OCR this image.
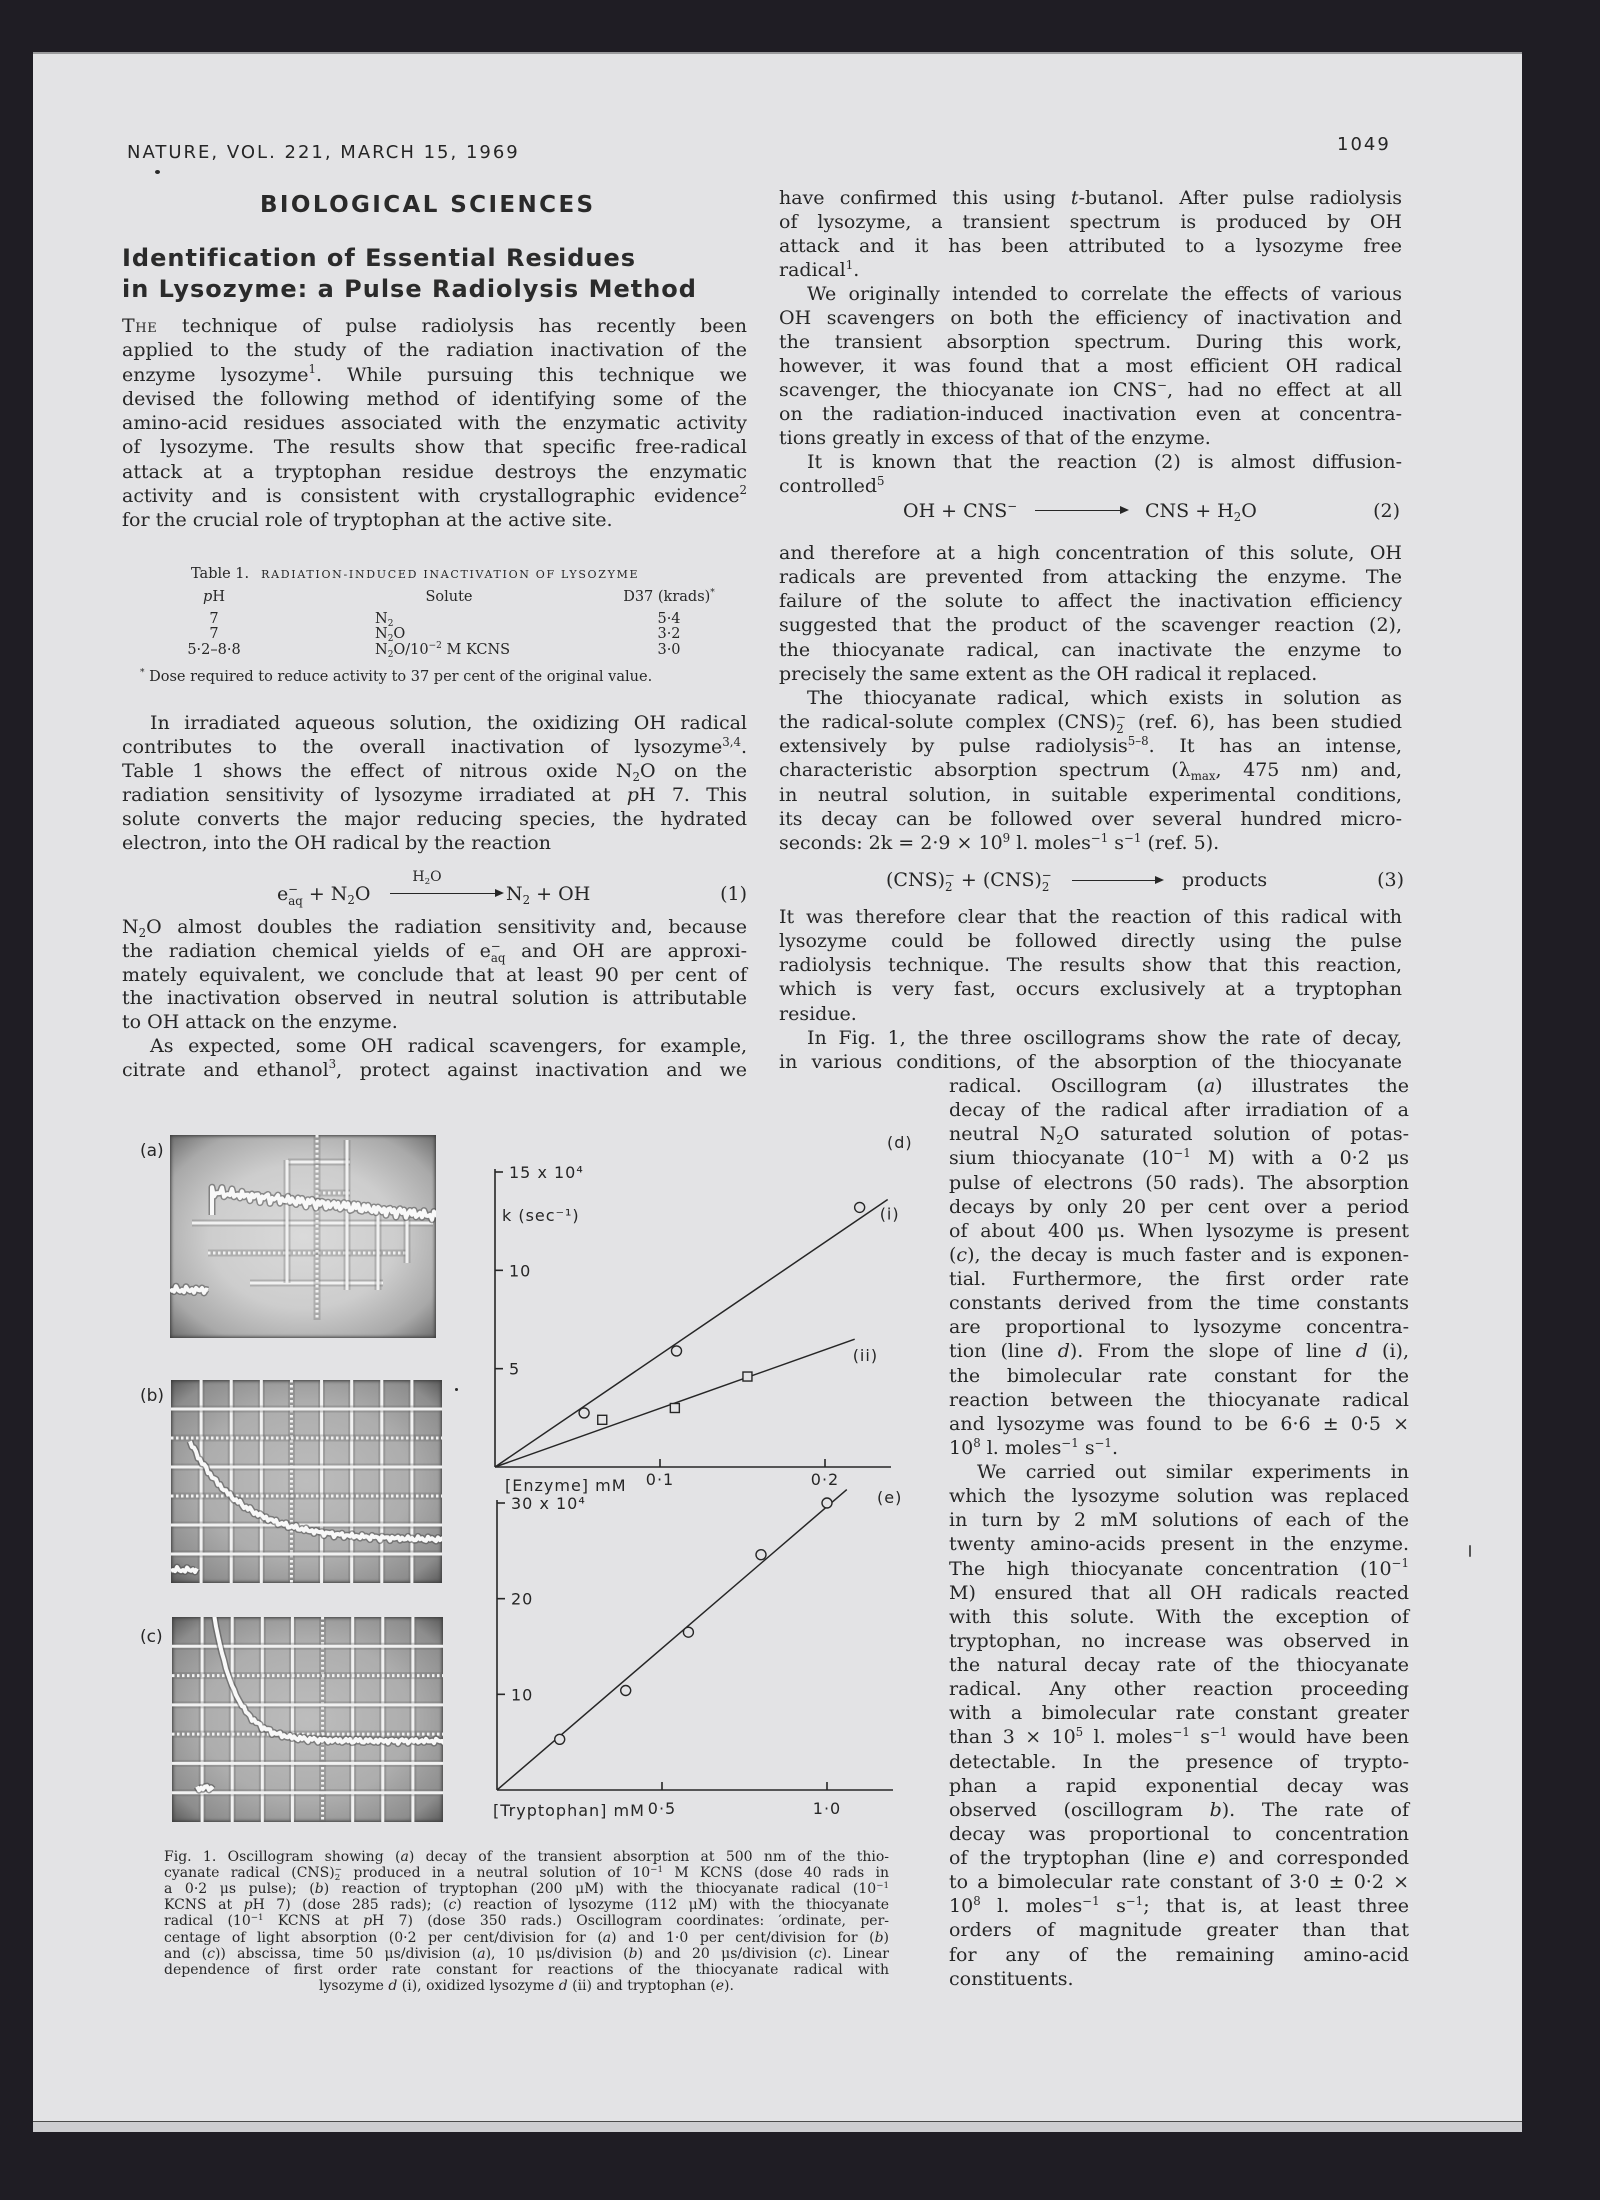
NATURE, VOL. 221, MARCH 15, 1969	1049
BIOLOGICAL SCIENCES
Identification of Essential Residues
in Lysozyme: a Pulse Radiolysis Method
The technique of pulse radiolysis has recently been
applied to the study of the radiation inactivation of the
enzyme lysozyme$^1$. While pursuing this technique we
devised the following method of identifying some of the
amino-acid residues associated with the enzymatic activity
of lysozyme. The results show that specific free-radical
attack at a tryptophan residue destroys the enzymatic
activity and is consistent with crystallographic evidence$^2$
for the crucial role of tryptophan at the active site.
Table 1. RADIATION-INDUCED INACTIVATION OF LYSOZYME
pH	Solute	D37 (krads)*
7	$N_2$	5·4
7	$N_2O$	3·2
5·2–8·8	$N_2O/10^{-2}$ M KCNS	3·0
* Dose required to reduce activity to 37 per cent of the original value.
In irradiated aqueous solution, the oxidizing OH radical
contributes to the overall inactivation of lysozyme$^{3,4}$.
Table 1 shows the effect of nitrous oxide $N_2O$ on the
radiation sensitivity of lysozyme irradiated at pH 7. This
solute converts the major reducing species, the hydrated
electron, into the OH radical by the reaction
e −
aq + $N_2O$
$H_2O$
$N_2$ + OH	(1)
$N_2O$ almost doubles the radiation sensitivity and, because
the radiation chemical yields of e −
aq and OH are approxi-
mately equivalent, we conclude that at least 90 per cent of
the inactivation observed in neutral solution is attributable
to OH attack on the enzyme.
As expected, some OH radical scavengers, for example,
citrate and ethanol$^3$, protect against inactivation and we
have confirmed this using t-butanol. After pulse radiolysis
of lysozyme, a transient spectrum is produced by OH
attack and it has been attributed to a lysozyme free
radical$^1$.
We originally intended to correlate the effects of various
OH scavengers on both the efficiency of inactivation and
the transient absorption spectrum. During this work,
however, it was found that a most efficient OH radical
scavenger, the thiocyanate ion CNS−, had no effect at all
on the radiation-induced inactivation even at concentra-
tions greatly in excess of that of the enzyme.
It is known that the reaction (2) is almost diffusion-
controlled$^5$
OH + CNS−	CNS + $H_2O$	(2)
and therefore at a high concentration of this solute, OH
radicals are prevented from attacking the enzyme. The
failure of the solute to affect the inactivation efficiency
suggested that the product of the scavenger reaction (2),
the thiocyanate radical, can inactivate the enzyme to
precisely the same extent as the OH radical it replaced.
The thiocyanate radical, which exists in solution as
the radical-solute complex (CNS) −
2 (ref. 6), has been studied
extensively by pulse radiolysis$^{5-8}$. It has an intense,
characteristic absorption spectrum ($\lambda_{max}$, 475 nm) and,
in neutral solution, in suitable experimental conditions,
its decay can be followed over several hundred micro-
seconds: $2k = 2\cdot 9 \times 10^9$ l. moles$^{-1}$ $s^{-1}$ (ref. 5).
(CNS) −
2 + (CNS) −
2	products	(3)
It was therefore clear that the reaction of this radical with
lysozyme could be followed directly using the pulse
radiolysis technique. The results show that this reaction,
which is very fast, occurs exclusively at a tryptophan
residue.
In Fig. 1, the three oscillograms show the rate of decay,
in various conditions, of the absorption of the thiocyanate
radical. Oscillogram (a) illustrates the
decay of the radical after irradiation of a
neutral $N_2O$ saturated solution of potas-
sium thiocyanate ($10^{-1}$ M) with a 0·2 μs
pulse of electrons (50 rads). The absorption
decays by only 20 per cent over a period
of about 400 μs. When lysozyme is present
(c), the decay is much faster and is exponen-
tial. Furthermore, the first order rate
constants derived from the time constants
are proportional to lysozyme concentra-
tion (line d). From the slope of line d (i),
the bimolecular rate constant for the
reaction between the thiocyanate radical
and lysozyme was found to be 6·6 ± 0·5 ×
$10^8$ l. moles$^{-1}$ $s^{-1}$.
We carried out similar experiments in
which the lysozyme solution was replaced
in turn by 2 mM solutions of each of the
twenty amino-acids present in the enzyme.
The high thiocyanate concentration ($10^{-1}$
M) ensured that all OH radicals reacted
with this solute. With the exception of
tryptophan, no increase was observed in
the natural decay rate of the thiocyanate
radical. Any other reaction proceeding
with a bimolecular rate constant greater
than $3 \times 10^5$ l. moles$^{-1}$ $s^{-1}$ would have been
detectable. In the presence of trypto-
phan a rapid exponential decay was
observed (oscillogram b). The rate of
decay was proportional to concentration
of the tryptophan (line e) and corresponded
to a bimolecular rate constant of 3·0 ± 0·2 ×
$10^8$ l. moles$^{-1}$ $s^{-1}$; that is, at least three
orders of magnitude greater than that
for any of the remaining amino-acid
constituents.
(a)
(b)
(c)
0·1	0·2
5
10
15 x 10⁴
[Enzyme] mM
k (sec⁻¹)
(d)
(i)
(ii)
0·5	1·0
10
20
30 x 10⁴
[Tryptophan] mM
(e)
Fig. 1. Oscillogram showing (a) decay of the transient absorption at 500 nm of the thio-
cyanate radical (CNS) −
2 produced in a neutral solution of $10^{-1}$ M KCNS (dose 40 rads in
a 0·2 μs pulse); (b) reaction of tryptophan (200 μM) with the thiocyanate radical ($10^{-1}$
KCNS at pH 7) (dose 285 rads); (c) reaction of lysozyme (112 μM) with the thiocyanate
radical ($10^{-1}$ KCNS at pH 7) (dose 350 rads.) Oscillogram coordinates: ′ordinate, per-
centage of light absorption (0·2 per cent/division for (a) and 1·0 per cent/division for (b)
and (c)) abscissa, time 50 μs/division (a), 10 μs/division (b) and 20 μs/division (c). Linear
dependence of first order rate constant for reactions of the thiocyanate radical with
lysozyme d (i), oxidized lysozyme d (ii) and tryptophan (e).
